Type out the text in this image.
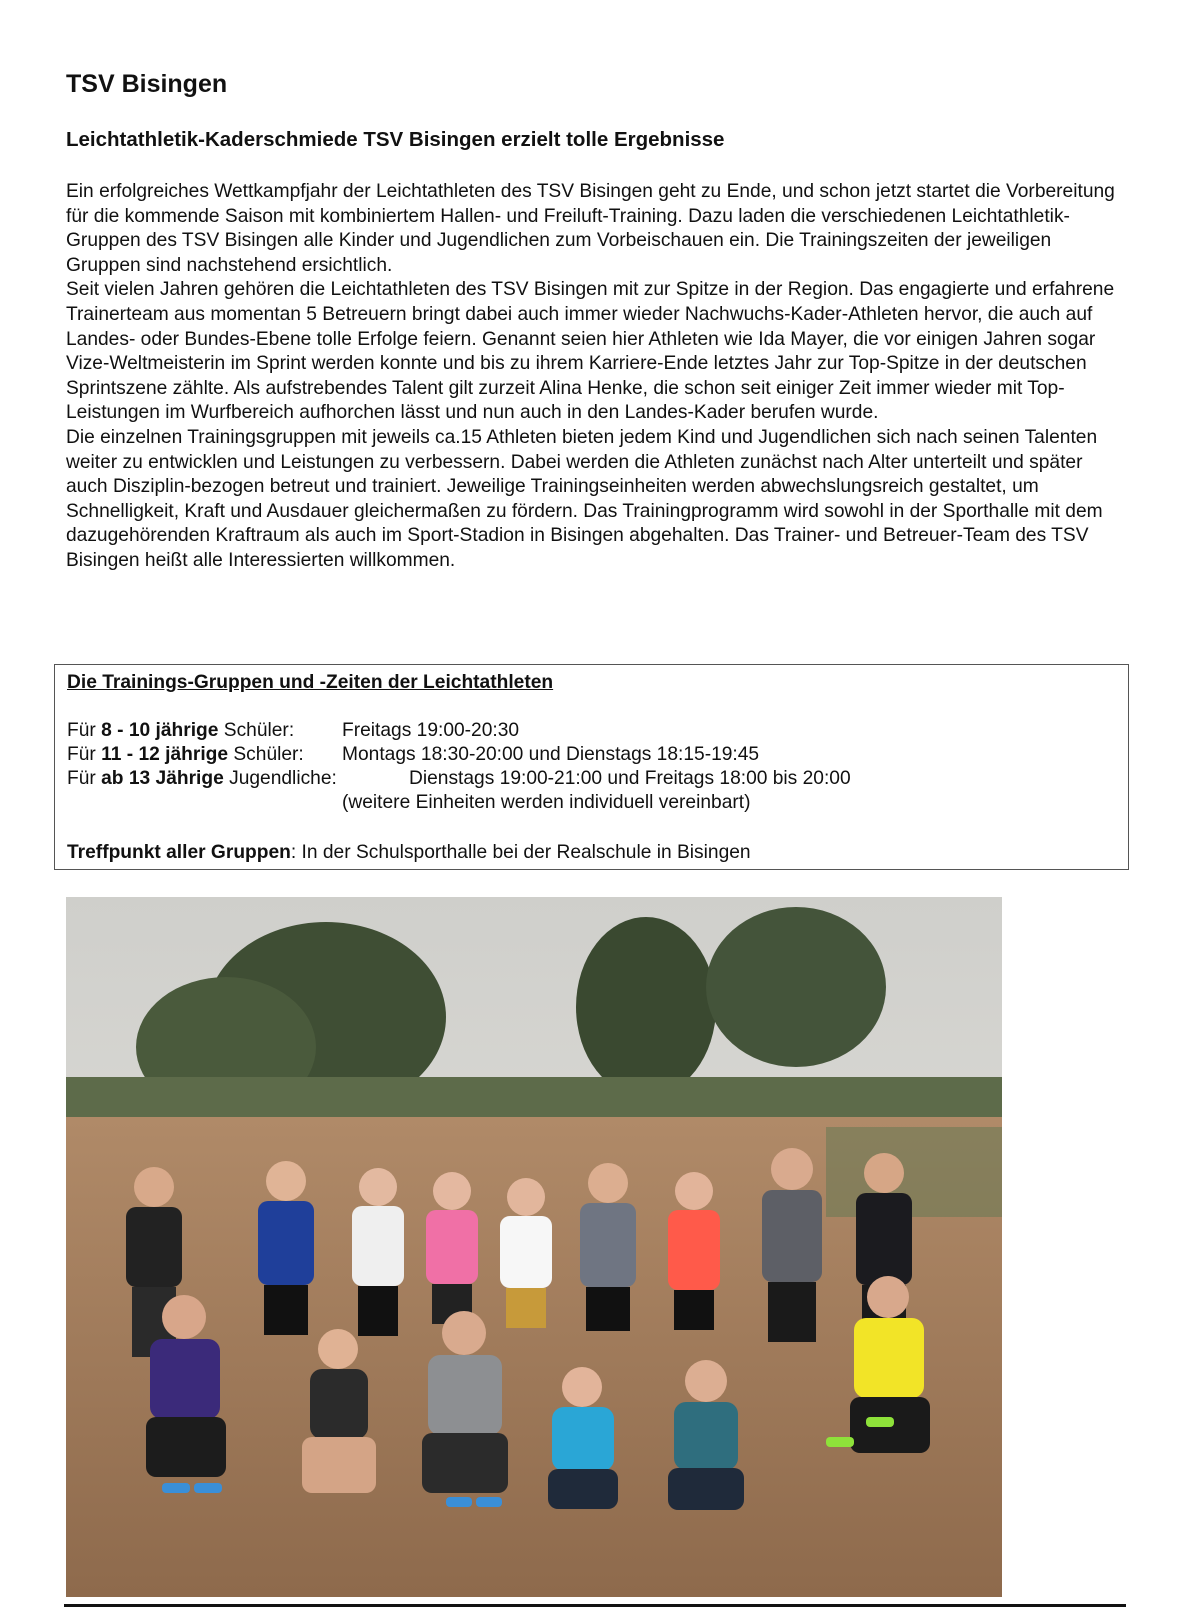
TSV Bisingen
Leichtathletik-Kaderschmiede TSV Bisingen erzielt tolle Ergebnisse

Ein erfolgreiches Wettkampfjahr der Leichtathleten des TSV Bisingen geht zu Ende, und schon jetzt startet die Vorbereitung für die kommende Saison mit kombiniertem Hallen- und Freiluft-Training. Dazu laden die verschiedenen Leichtathletik-Gruppen des TSV Bisingen alle Kinder und Jugendlichen zum Vorbeischauen ein. Die Trainingszeiten der jeweiligen Gruppen sind nachstehend ersichtlich.

Seit vielen Jahren gehören die Leichtathleten des TSV Bisingen mit zur Spitze in der Region. Das engagierte und erfahrene Trainerteam aus momentan 5 Betreuern bringt dabei auch immer wieder Nachwuchs-Kader-Athleten hervor, die auch auf Landes- oder Bundes-Ebene tolle Erfolge feiern. Genannt seien hier Athleten wie Ida Mayer, die vor einigen Jahren sogar Vize-Weltmeisterin im Sprint werden konnte und bis zu ihrem Karriere-Ende letztes Jahr zur Top-Spitze in der deutschen Sprintszene zählte. Als aufstrebendes Talent gilt zurzeit Alina Henke, die schon seit einiger Zeit immer wieder mit Top-Leistungen im Wurfbereich aufhorchen lässt und nun auch in den Landes-Kader berufen wurde.

Die einzelnen Trainingsgruppen mit jeweils ca.15 Athleten bieten jedem Kind und Jugendlichen sich nach seinen Talenten weiter zu entwicklen und Leistungen zu verbessern. Dabei werden die Athleten zunächst nach Alter unterteilt und später auch Disziplin-bezogen betreut und trainiert. Jeweilige Trainingseinheiten werden abwechslungsreich gestaltet, um Schnelligkeit, Kraft und Ausdauer gleichermaßen zu fördern. Das Trainingprogramm wird sowohl in der Sporthalle mit dem dazugehörenden Kraftraum als auch im Sport-Stadion in Bisingen abgehalten. Das Trainer- und Betreuer-Team des TSV Bisingen heißt alle Interessierten willkommen.

Die Trainings-Gruppen und -Zeiten der Leichtathleten
Für 8 - 10 jährige Schüler: Freitags 19:00-20:30
Für 11 - 12 jährige Schüler: Montags 18:30-20:00 und Dienstags 18:15-19:45
Für ab 13 Jährige Jugendliche:	Dienstags 19:00-21:00 und Freitags 18:00 bis 20:00
(weitere Einheiten werden individuell vereinbart)
Treffpunkt aller Gruppen: In der Schulsporthalle bei der Realschule in Bisingen
